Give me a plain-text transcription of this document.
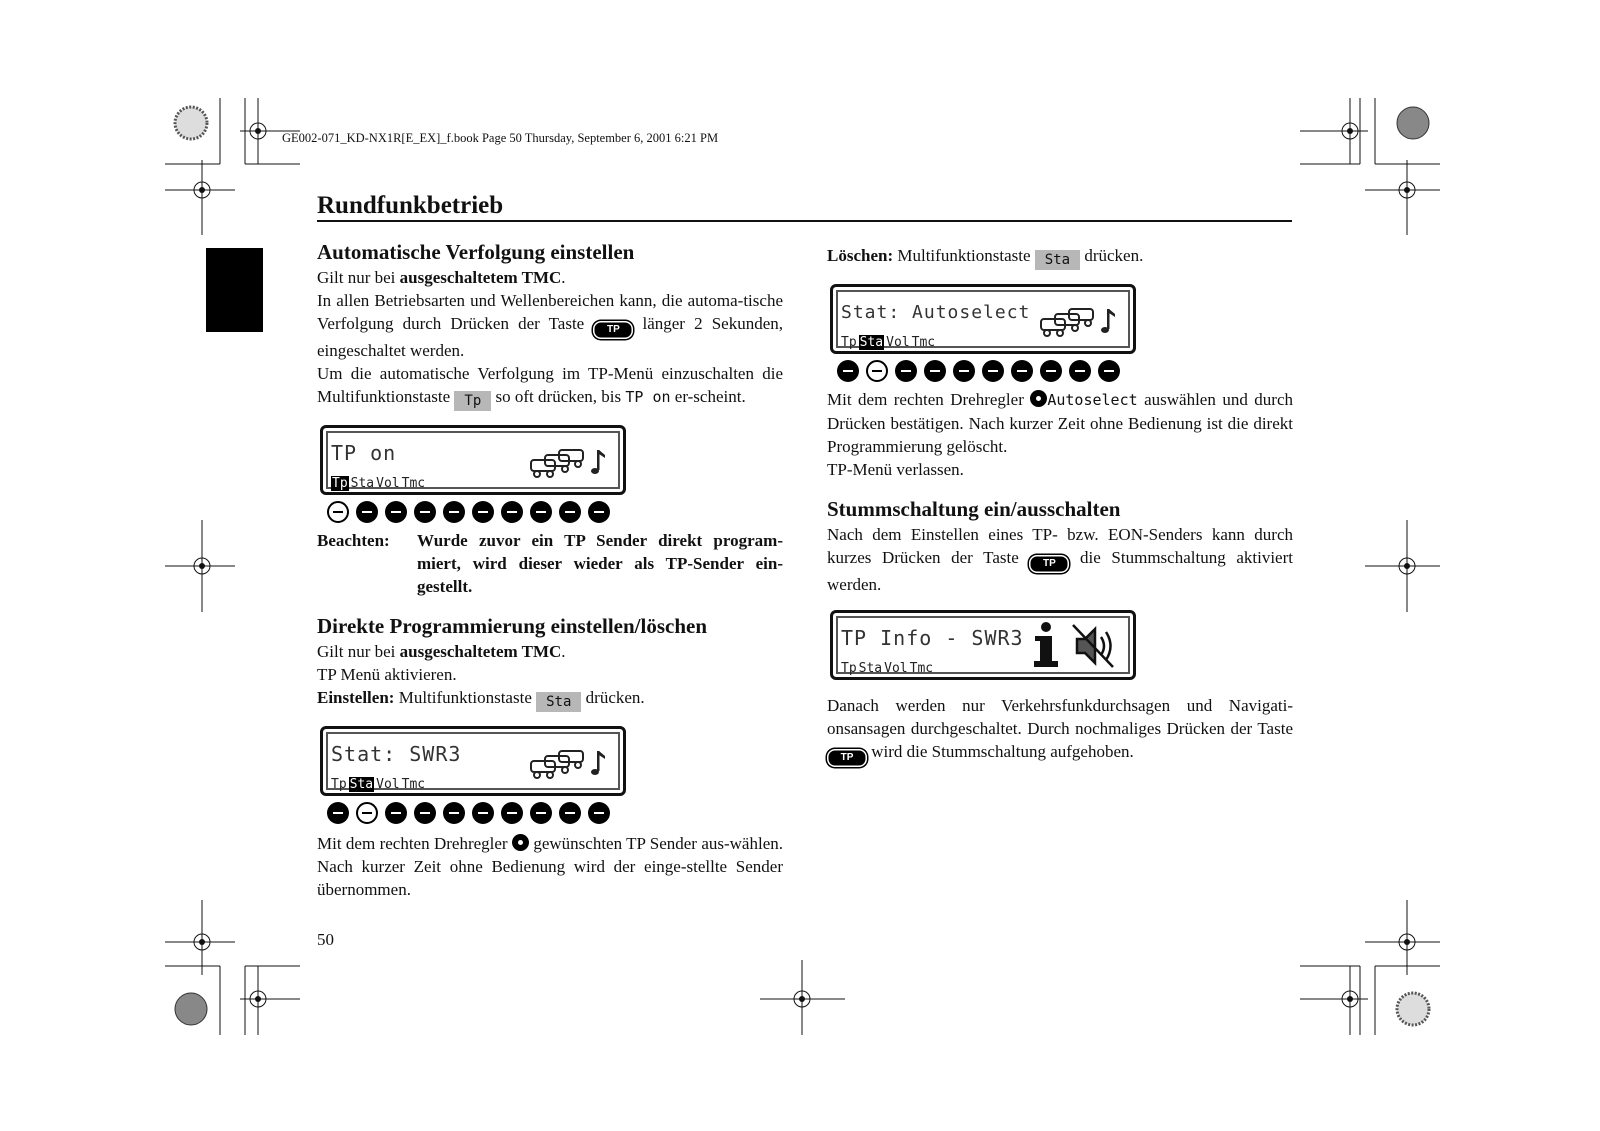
GE002-071_KD-NX1R[E_EX]_f.book Page 50 Thursday, September 6, 2001 6:21 PM
Rundfunkbetrieb
Automatische Verfolgung einstellen

Gilt nur bei ausgeschaltetem TMC.

In allen Betriebsarten und Wellenbereichen kann, die automa-tische Verfolgung durch Drücken der Taste TP länger 2 Sekunden, eingeschaltet werden.

Um die automatische Verfolgung im TP-Menü einzuschalten die Multifunktionstaste Tp so oft drücken, bis TP on er-scheint.

TP on
Tp Sta Vol Tmc
Beachten:	Wurde zuvor ein TP Sender direkt program-miert, wird dieser wieder als TP-Sender ein-gestellt.
Direkte Programmierung einstellen/löschen

Gilt nur bei ausgeschaltetem TMC.

TP Menü aktivieren.

Einstellen: Multifunktionstaste Sta drücken.

Stat: SWR3
Tp Sta Vol Tmc

Mit dem rechten Drehregler  gewünschten TP Sender aus-wählen. Nach kurzer Zeit ohne Bedienung wird der einge-stellte Sender übernommen.

Löschen: Multifunktionstaste Sta drücken.

Stat: Autoselect
Tp Sta Vol Tmc

Mit dem rechten Drehregler Autoselect auswählen und durch Drücken bestätigen. Nach kurzer Zeit ohne Bedienung ist die direkt Programmierung gelöscht.

TP-Menü verlassen.

Stummschaltung ein/ausschalten

Nach dem Einstellen eines TP- bzw. EON-Senders kann durch kurzes Drücken der Taste TP die Stummschaltung aktiviert werden.

TP Info - SWR3
Tp Sta Vol Tmc

Danach werden nur Verkehrsfunkdurchsagen und Navigati-onsansagen durchgeschaltet. Durch nochmaliges Drücken der Taste TP wird die Stummschaltung aufgehoben.

50
